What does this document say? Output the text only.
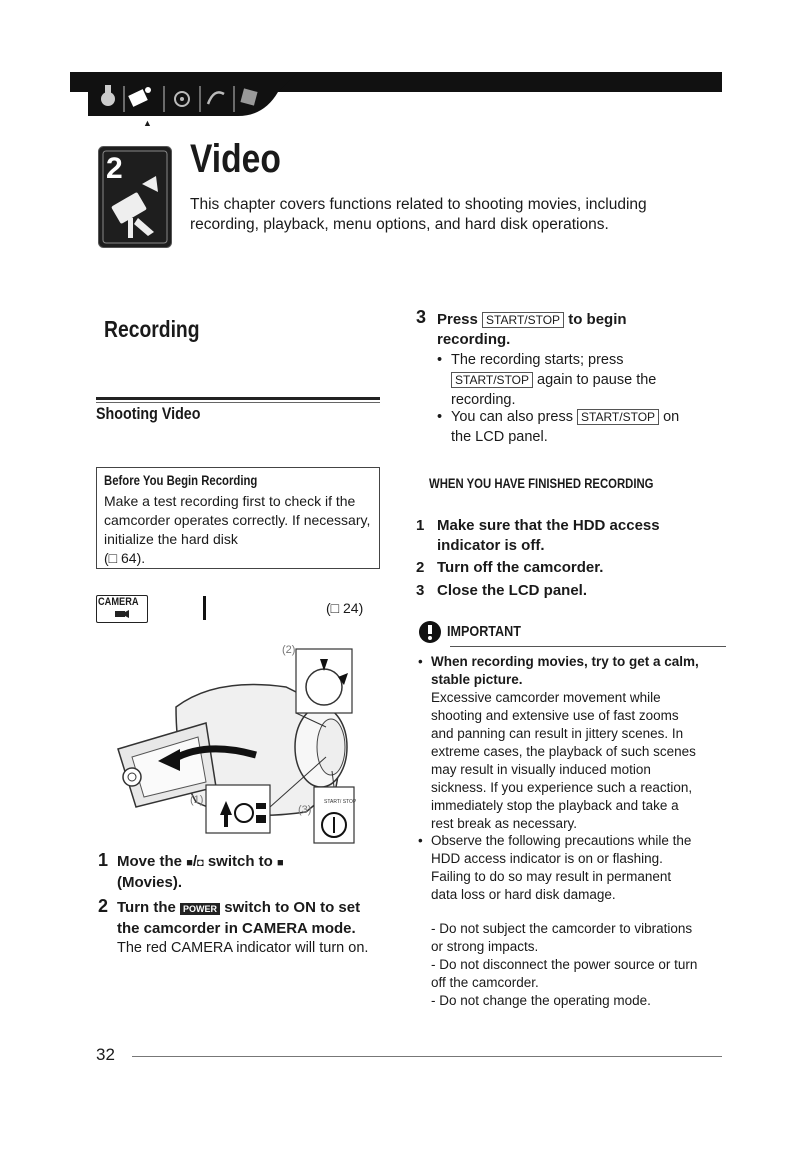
▲
2 Video
This chapter covers functions related to shooting movies, including recording, playback, menu options, and hard disk operations.
Recording
Shooting Video
Before You Begin Recording
Make a test recording first to check if the camcorder operates correctly. If necessary, initialize the hard disk
(□ 64).
CAMERA	(□ 24)
(1)
(2)
(3)
START/ STOP
1 Move the ■/◘ switch to ■
(Movies).
2 Turn the POWER switch to ON to set the camcorder in CAMERA mode.
The red CAMERA indicator will turn on.
3 Press START/STOP to begin recording.
• The recording starts; press
START/STOP again to pause the recording.
• You can also press START/STOP on the LCD panel.
WHEN YOU HAVE FINISHED RECORDING
1 Make sure that the HDD access indicator is off.
2 Turn off the camcorder.
3 Close the LCD panel.
IMPORTANT
• When recording movies, try to get a calm, stable picture.
Excessive camcorder movement while shooting and extensive use of fast zooms and panning can result in jittery scenes. In extreme cases, the playback of such scenes may result in visually induced motion sickness. If you experience such a reaction, immediately stop the playback and take a rest break as necessary.
• Observe the following precautions while the HDD access indicator is on or flashing. Failing to do so may result in permanent data loss or hard disk damage.
- Do not subject the camcorder to vibrations or strong impacts.
- Do not disconnect the power source or turn off the camcorder.
- Do not change the operating mode.
32
